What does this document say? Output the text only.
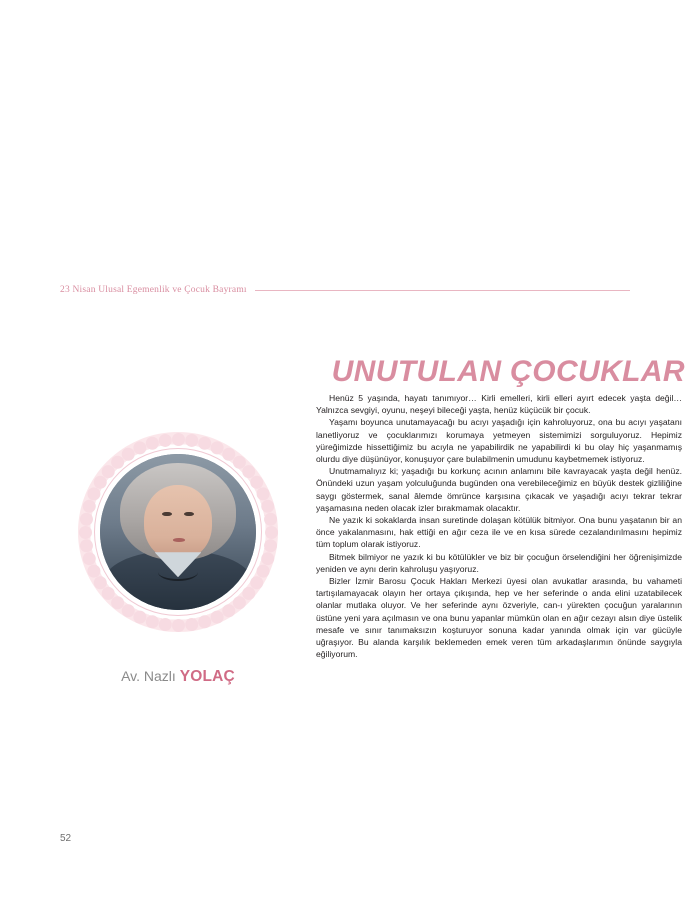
23 Nisan Ulusal Egemenlik ve Çocuk Bayramı
UNUTULAN ÇOCUKLAR
Av. Nazlı YOLAÇ

Henüz 5 yaşında, hayatı tanımıyor… Kirli emelleri, kirli elleri ayırt edecek yaşta değil… Yalnızca sevgiyi, oyunu, neşeyi bileceği yaşta, henüz küçücük bir çocuk.

Yaşamı boyunca unutamayacağı bu acıyı yaşadığı için kahroluyoruz, ona bu acıyı yaşatanı lanetliyoruz ve çocuklarımızı korumaya yetmeyen sistemimizi sorguluyoruz. Hepimiz yüreğimizde hissettiğimiz bu acıyla ne yapabilirdik ne yapabilirdi ki bu olay hiç yaşanmamış olurdu diye düşünüyor, konuşuyor çare bulabilmenin umudunu kaybetmemek istiyoruz.

Unutmamalıyız ki; yaşadığı bu korkunç acının anlamını bile kavrayacak yaşta değil henüz. Önündeki uzun yaşam yolculuğunda bugünden ona verebileceğimiz en büyük destek gizliliğine saygı göstermek, sanal âlemde ömrünce karşısına çıkacak ve yaşadığı acıyı tekrar tekrar yaşamasına neden olacak izler bırakmamak olacaktır.

Ne yazık ki sokaklarda insan suretinde dolaşan kötülük bitmiyor. Ona bunu yaşatanın bir an önce yakalanmasını, hak ettiği en ağır ceza ile ve en kısa sürede cezalandırılmasını hepimiz tüm toplum olarak istiyoruz.

Bitmek bilmiyor ne yazık ki bu kötülükler ve biz bir çocuğun örselendiğini her öğrenişimizde yeniden ve aynı derin kahroluşu yaşıyoruz.

Bizler İzmir Barosu Çocuk Hakları Merkezi üyesi olan avukatlar arasında, bu vahameti tartışılamayacak olayın her ortaya çıkışında, hep ve her seferinde o anda elini uzatabilecek olanlar mutlaka oluyor. Ve her seferinde aynı özveriyle, can-ı yürekten çocuğun yaralarının üstüne yeni yara açılmasın ve ona bunu yapanlar mümkün olan en ağır cezayı alsın diye üstelik mesafe ve sınır tanımaksızın koşturuyor sonuna kadar yanında olmak için var gücüyle uğraşıyor. Bu alanda karşılık beklemeden emek veren tüm arkadaşlarımın önünde saygıyla eğiliyorum.

52
